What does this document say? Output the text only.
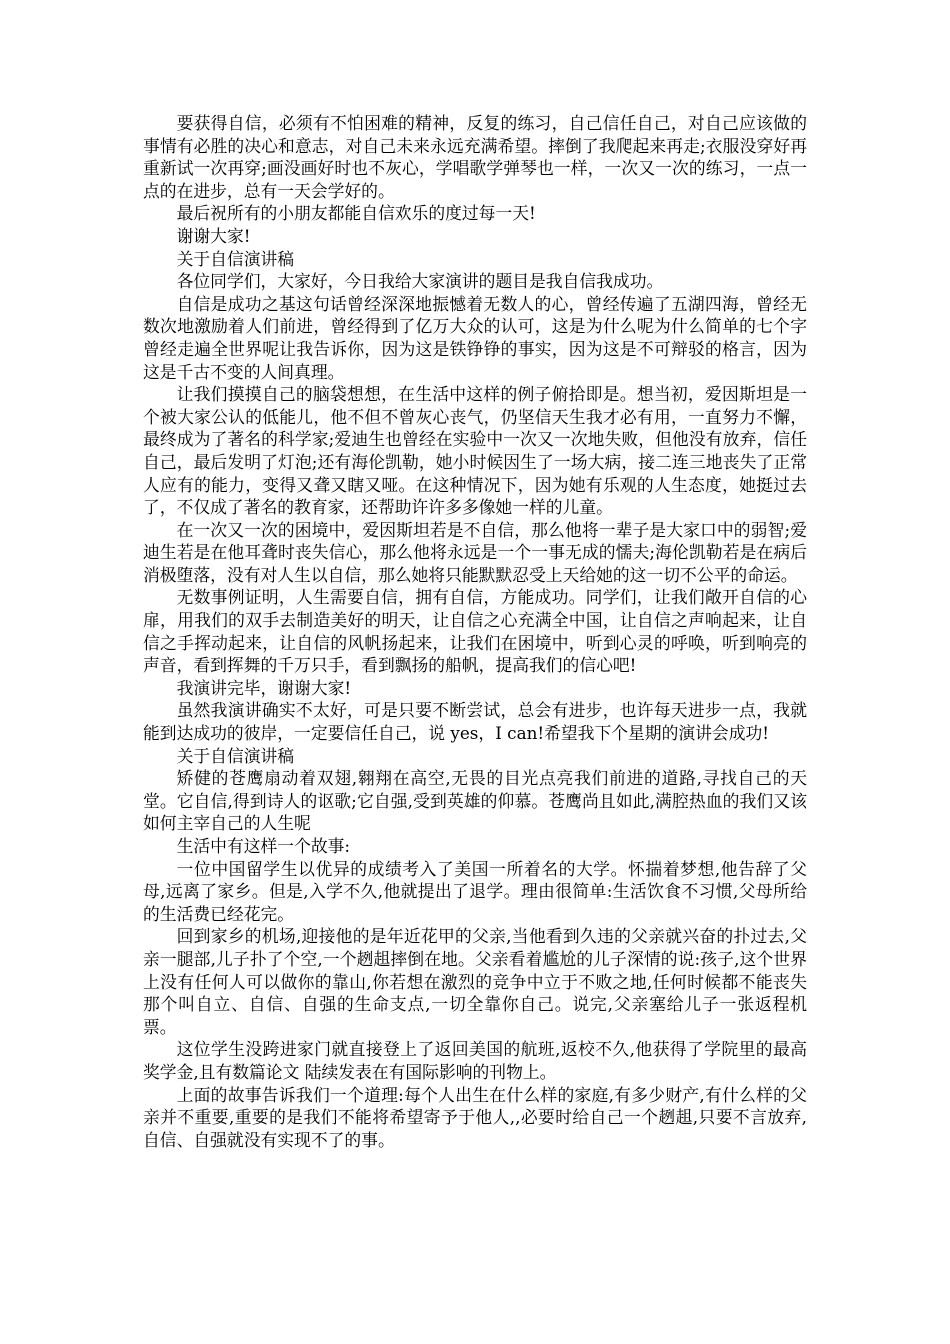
要获得自信，必须有不怕困难的精神，反复的练习，自己信任自己，对自己应该做的事情有必胜的决心和意志，对自己未来永远充满希望。摔倒了我爬起来再走;衣服没穿好再重新试一次再穿;画没画好时也不灰心，学唱歌学弹琴也一样，一次又一次的练习，一点一点的在进步，总有一天会学好的。

最后祝所有的小朋友都能自信欢乐的度过每一天!

谢谢大家!

关于自信演讲稿

各位同学们，大家好，今日我给大家演讲的题目是我自信我成功。

自信是成功之基这句话曾经深深地振憾着无数人的心，曾经传遍了五湖四海，曾经无数次地激励着人们前进，曾经得到了亿万大众的认可，这是为什么呢为什么简单的七个字曾经走遍全世界呢让我告诉你，因为这是铁铮铮的事实，因为这是不可辩驳的格言，因为这是千古不变的人间真理。

让我们摸摸自己的脑袋想想，在生活中这样的例子俯拾即是。想当初，爱因斯坦是一个被大家公认的低能儿，他不但不曾灰心丧气，仍坚信天生我才必有用，一直努力不懈，最终成为了著名的科学家;爱迪生也曾经在实验中一次又一次地失败，但他没有放弃，信任自己，最后发明了灯泡;还有海伦凯勒，她小时候因生了一场大病，接二连三地丧失了正常人应有的能力，变得又聋又瞎又哑。在这种情况下，因为她有乐观的人生态度，她挺过去了，不仅成了著名的教育家，还帮助许许多多像她一样的儿童。

在一次又一次的困境中，爱因斯坦若是不自信，那么他将一辈子是大家口中的弱智;爱迪生若是在他耳聋时丧失信心，那么他将永远是一个一事无成的懦夫;海伦凯勒若是在病后消极堕落，没有对人生以自信，那么她将只能默默忍受上天给她的这一切不公平的命运。

无数事例证明，人生需要自信，拥有自信，方能成功。同学们，让我们敞开自信的心扉，用我们的双手去制造美好的明天，让自信之心充满全中国，让自信之声响起来，让自信之手挥动起来，让自信的风帆扬起来，让我们在困境中，听到心灵的呼唤，听到响亮的声音，看到挥舞的千万只手，看到飘扬的船帆，提高我们的信心吧!

我演讲完毕，谢谢大家!

虽然我演讲确实不太好，可是只要不断尝试，总会有进步，也许每天进步一点，我就能到达成功的彼岸，一定要信任自己，说 yes，I can!希望我下个星期的演讲会成功!

关于自信演讲稿

矫健的苍鹰扇动着双翅,翱翔在高空,无畏的目光点亮我们前进的道路,寻找自己的天堂。它自信,得到诗人的讴歌;它自强,受到英雄的仰慕。苍鹰尚且如此,满腔热血的我们又该如何主宰自己的人生呢

生活中有这样一个故事:

一位中国留学生以优异的成绩考入了美国一所着名的大学。怀揣着梦想,他告辞了父母,远离了家乡。但是,入学不久,他就提出了退学。理由很简单:生活饮食不习惯,父母所给的生活费已经花完。

回到家乡的机场,迎接他的是年近花甲的父亲,当他看到久违的父亲就兴奋的扑过去,父亲一腿部,儿子扑了个空,一个趔趄摔倒在地。父亲看着尴尬的儿子深情的说:孩子,这个世界上没有任何人可以做你的靠山,你若想在激烈的竞争中立于不败之地,任何时候都不能丧失那个叫自立、自信、自强的生命支点,一切全靠你自己。说完,父亲塞给儿子一张返程机票。

这位学生没跨进家门就直接登上了返回美国的航班,返校不久,他获得了学院里的最高奖学金,且有数篇论文 陆续发表在有国际影响的刊物上。

上面的故事告诉我们一个道理:每个人出生在什么样的家庭,有多少财产,有什么样的父亲并不重要,重要的是我们不能将希望寄予于他人,,必要时给自己一个趔趄,只要不言放弃,自信、自强就没有实现不了的事。
